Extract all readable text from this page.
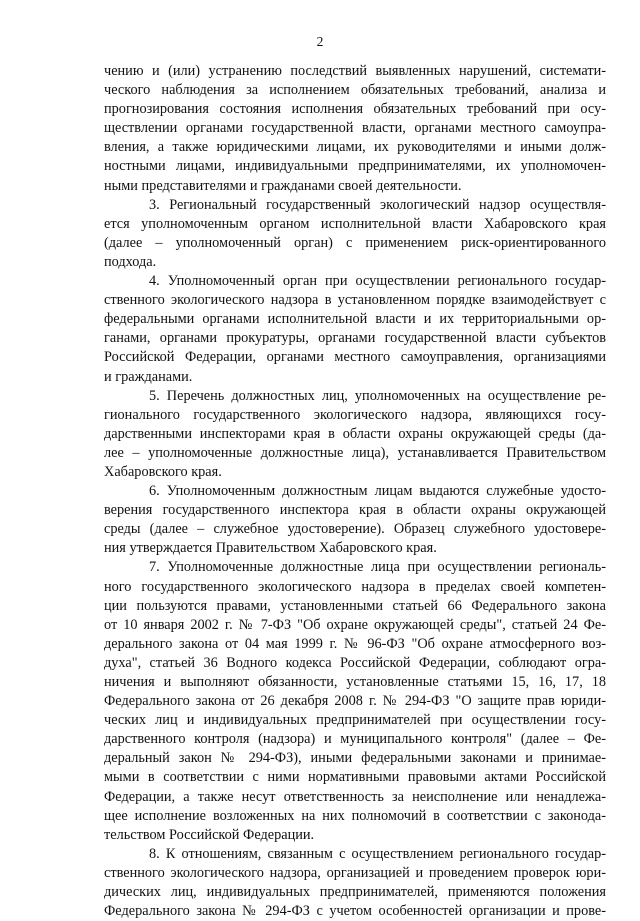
2
чению и (или) устранению последствий выявленных нарушений, системати-
ческого наблюдения за исполнением обязательных требований, анализа и
прогнозирования состояния исполнения обязательных требований при осу-
ществлении органами государственной власти, органами местного самоупра-
вления, а также юридическими лицами, их руководителями и иными долж-
ностными лицами, индивидуальными предпринимателями, их уполномочен-
ными представителями и гражданами своей деятельности.
3. Региональный государственный экологический надзор осуществля-
ется уполномоченным органом исполнительной власти Хабаровского края
(далее – уполномоченный орган) с применением риск-ориентированного
подхода.
4. Уполномоченный орган при осуществлении регионального государ-
ственного экологического надзора в установленном порядке взаимодействует с
федеральными органами исполнительной власти и их территориальными ор-
ганами, органами прокуратуры, органами государственной власти субъектов
Российской Федерации, органами местного самоуправления, организациями
и гражданами.
5. Перечень должностных лиц, уполномоченных на осуществление ре-
гионального государственного экологического надзора, являющихся госу-
дарственными инспекторами края в области охраны окружающей среды (да-
лее – уполномоченные должностные лица), устанавливается Правительством
Хабаровского края.
6. Уполномоченным должностным лицам выдаются служебные удосто-
верения государственного инспектора края в области охраны окружающей
среды (далее – служебное удостоверение). Образец служебного удостовере-
ния утверждается Правительством Хабаровского края.
7. Уполномоченные должностные лица при осуществлении региональ-
ного государственного экологического надзора в пределах своей компетен-
ции пользуются правами, установленными статьей 66 Федерального закона
от 10 января 2002 г. № 7-ФЗ "Об охране окружающей среды", статьей 24 Фе-
дерального закона от 04 мая 1999 г. № 96-ФЗ "Об охране атмосферного воз-
духа", статьей 36 Водного кодекса Российской Федерации, соблюдают огра-
ничения и выполняют обязанности, установленные статьями 15, 16, 17, 18
Федерального закона от 26 декабря 2008 г. № 294-ФЗ "О защите прав юриди-
ческих лиц и индивидуальных предпринимателей при осуществлении госу-
дарственного контроля (надзора) и муниципального контроля" (далее – Фе-
деральный закон № 294-ФЗ), иными федеральными законами и принимае-
мыми в соответствии с ними нормативными правовыми актами Российской
Федерации, а также несут ответственность за неисполнение или ненадлежа-
щее исполнение возложенных на них полномочий в соответствии с законода-
тельством Российской Федерации.
8. К отношениям, связанным с осуществлением регионального государ-
ственного экологического надзора, организацией и проведением проверок юри-
дических лиц, индивидуальных предпринимателей, применяются положения
Федерального закона № 294-ФЗ с учетом особенностей организации и прове-
